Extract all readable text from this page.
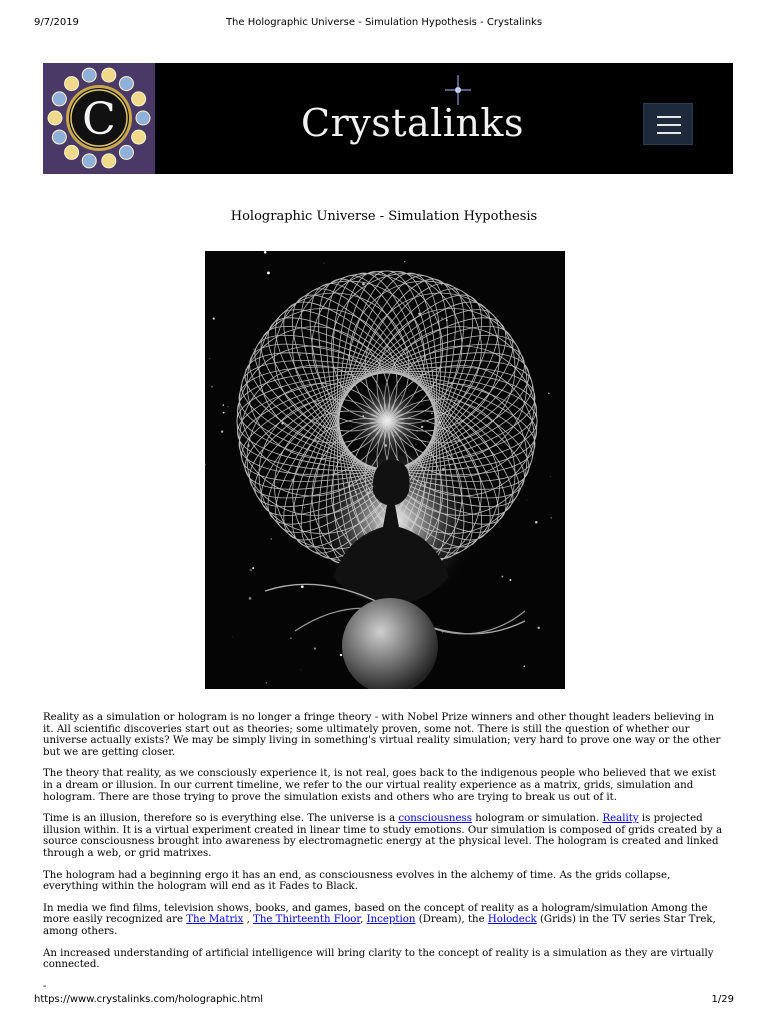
9/7/2019	The Holographic Universe - Simulation Hypothesis - Crystalinks
C	Crystalinks
Holographic Universe - Simulation Hypothesis

Reality as a simulation or hologram is no longer a fringe theory - with Nobel Prize winners and other thought leaders believing in it. All scientific discoveries start out as theories; some ultimately proven, some not. There is still the question of whether our universe actually exists? We may be simply living in something's virtual reality simulation; very hard to prove one way or the other but we are getting closer.

The theory that reality, as we consciously experience it, is not real, goes back to the indigenous people who believed that we exist in a dream or illusion. In our current timeline, we refer to the our virtual reality experience as a matrix, grids, simulation and hologram. There are those trying to prove the simulation exists and others who are trying to break us out of it.

Time is an illusion, therefore so is everything else. The universe is a consciousness hologram or simulation. Reality is projected illusion within. It is a virtual experiment created in linear time to study emotions. Our simulation is composed of grids created by a source consciousness brought into awareness by electromagnetic energy at the physical level. The hologram is created and linked through a web, or grid matrixes.

The hologram had a beginning ergo it has an end, as consciousness evolves in the alchemy of time. As the grids collapse, everything within the hologram will end as it Fades to Black.

In media we find films, television shows, books, and games, based on the concept of reality as a hologram/simulation Among the more easily recognized are The Matrix , The Thirteenth Floor, Inception (Dream), the Holodeck (Grids) in the TV series Star Trek, among others.

An increased understanding of artificial intelligence will bring clarity to the concept of reality is a simulation as they are virtually connected.

-

https://www.crystalinks.com/holographic.html	1/29
